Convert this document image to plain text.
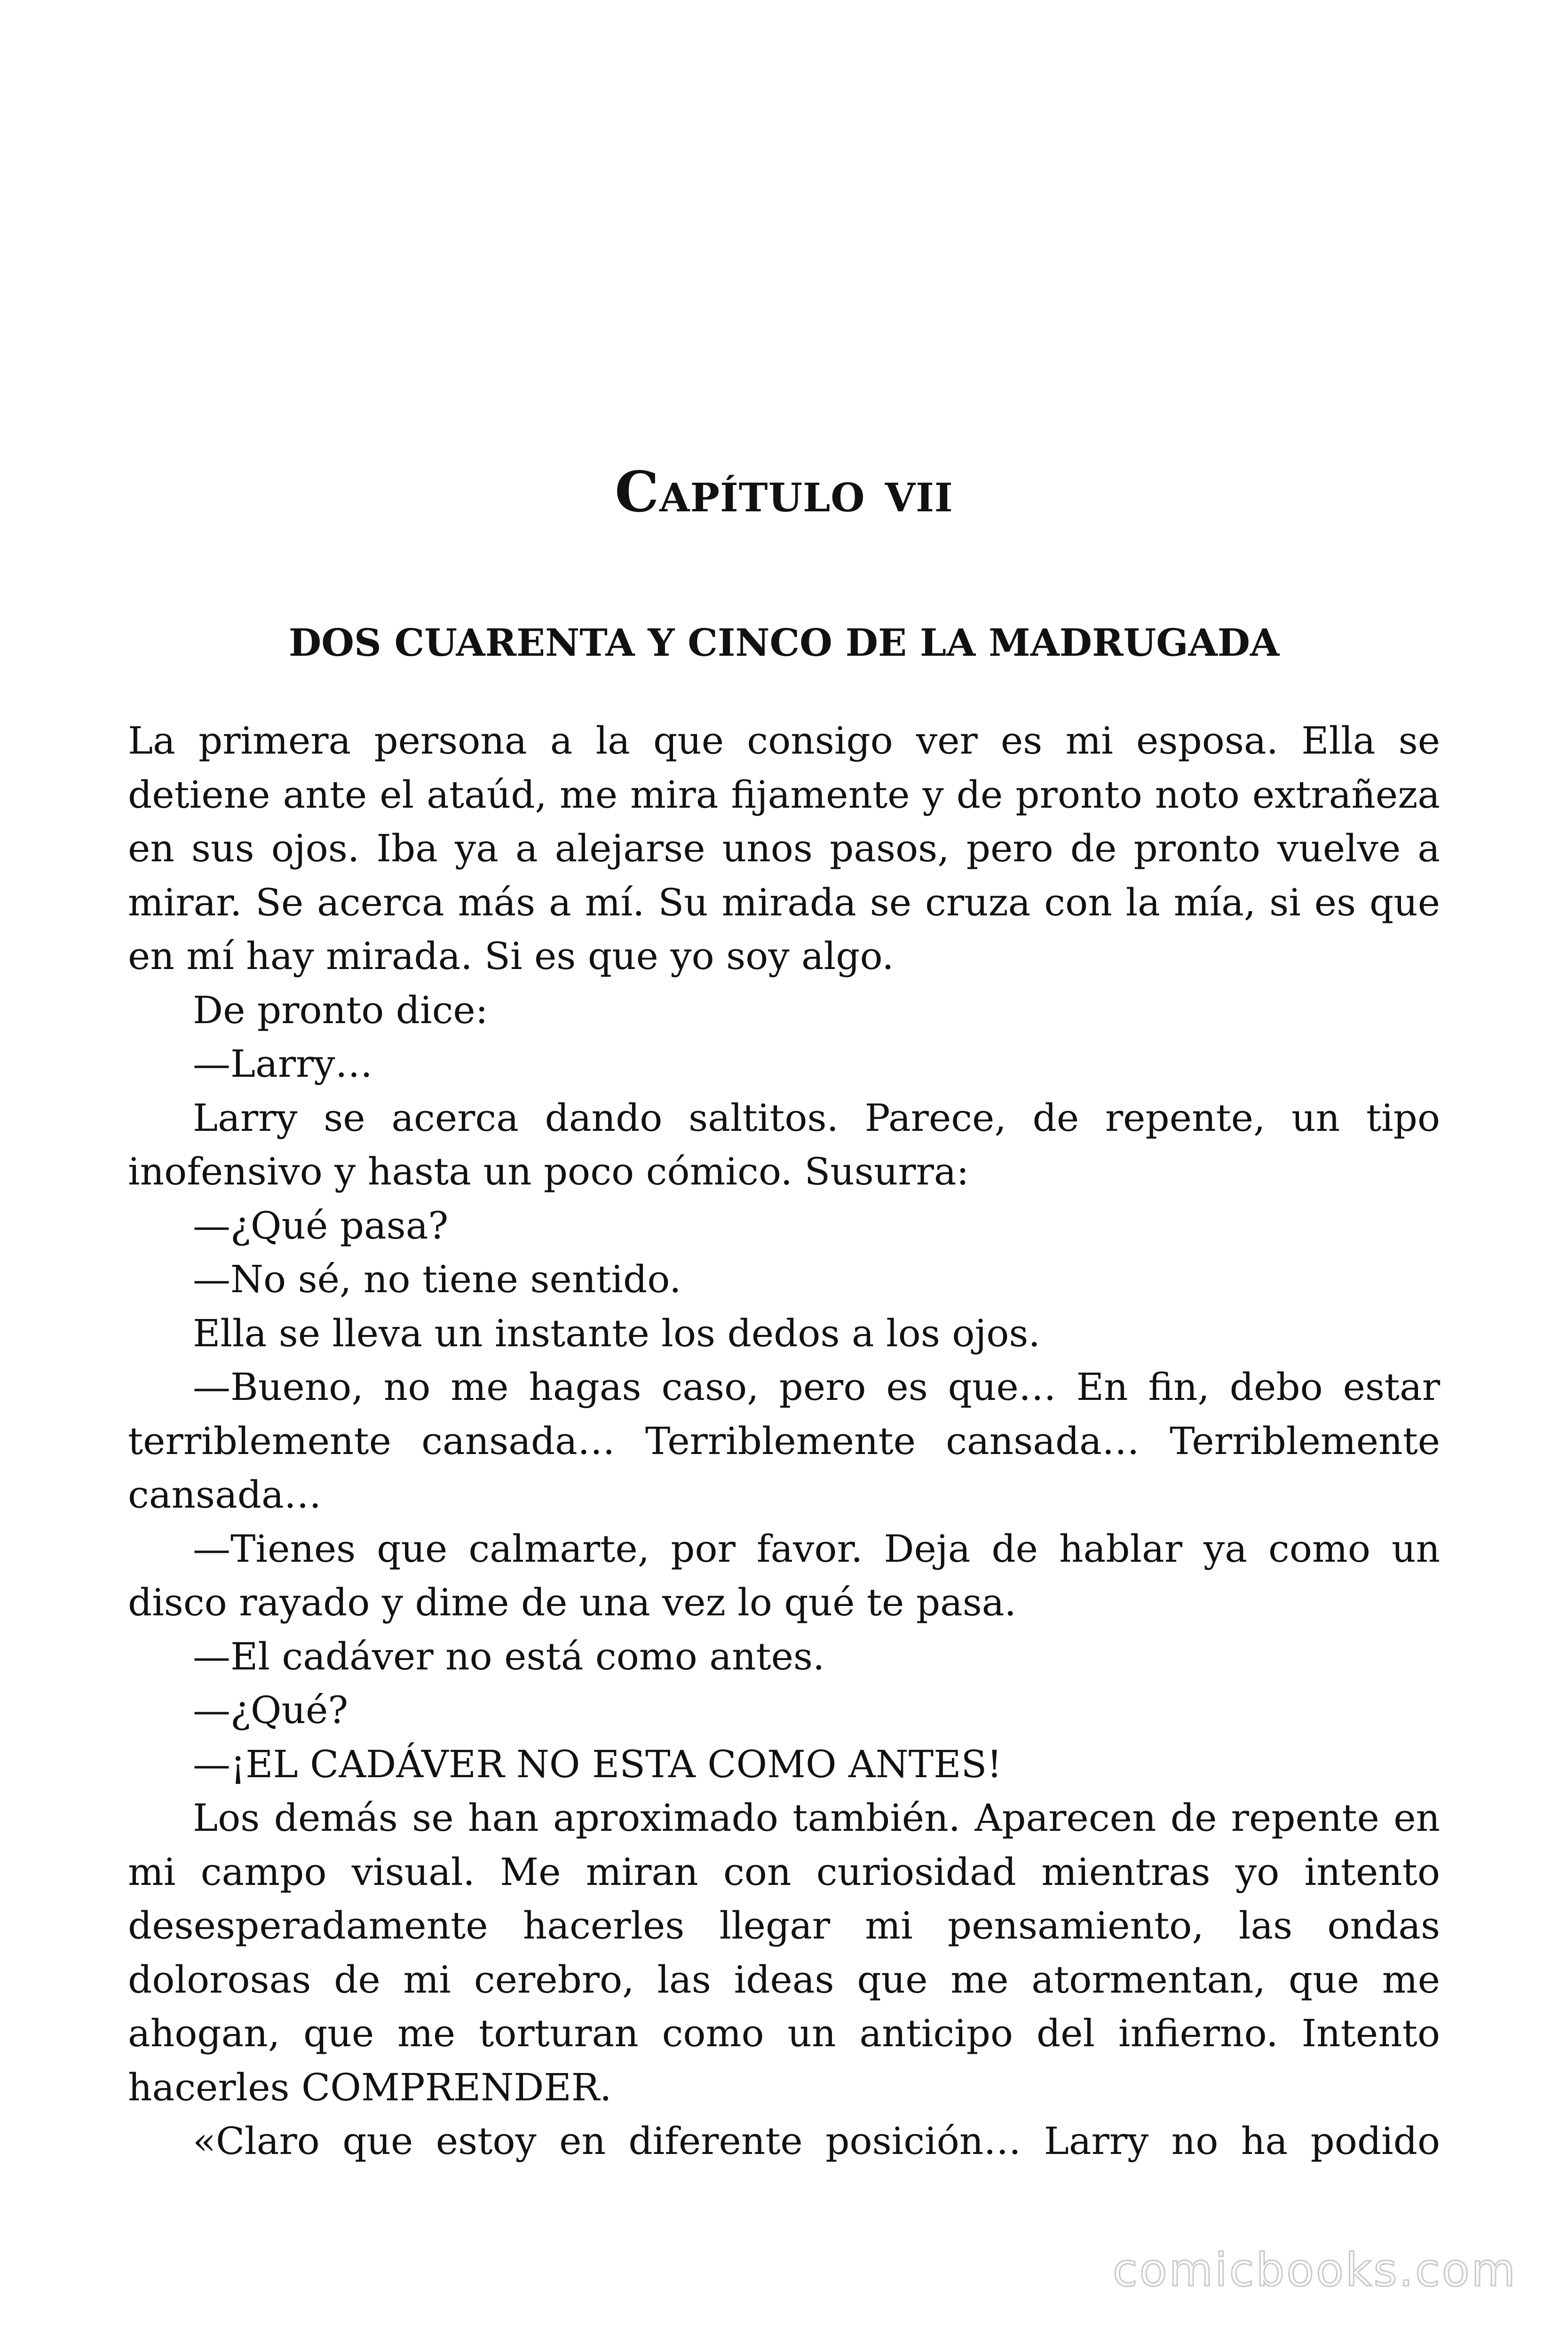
Capítulo vii
DOS CUARENTA Y CINCO DE LA MADRUGADA

La primera persona a la que consigo ver es mi esposa. Ella se detiene ante el ataúd, me mira fijamente y de pronto noto extrañeza en sus ojos. Iba ya a alejarse unos pasos, pero de pronto vuelve a mirar. Se acerca más a mí. Su mirada se cruza con la mía, si es que en mí hay mirada. Si es que yo soy algo.

De pronto dice:

—Larry…

Larry se acerca dando saltitos. Parece, de repente, un tipo inofensivo y hasta un poco cómico. Susurra:

—¿Qué pasa?

—No sé, no tiene sentido.

Ella se lleva un instante los dedos a los ojos.

—Bueno, no me hagas caso, pero es que… En fin, debo estar terriblemente cansada… Terriblemente cansada… Terriblemente cansada…

—Tienes que calmarte, por favor. Deja de hablar ya como un disco rayado y dime de una vez lo qué te pasa.

—El cadáver no está como antes.

—¿Qué?

—¡EL CADÁVER NO ESTA COMO ANTES!

Los demás se han aproximado también. Aparecen de repente en mi campo visual. Me miran con curiosidad mientras yo intento desesperadamente hacerles llegar mi pensamiento, las ondas dolorosas de mi cerebro, las ideas que me atormentan, que me ahogan, que me torturan como un anticipo del infierno. Intento hacerles COMPRENDER.

«Claro que estoy en diferente posición… Larry no ha podido

comicbooks.com
